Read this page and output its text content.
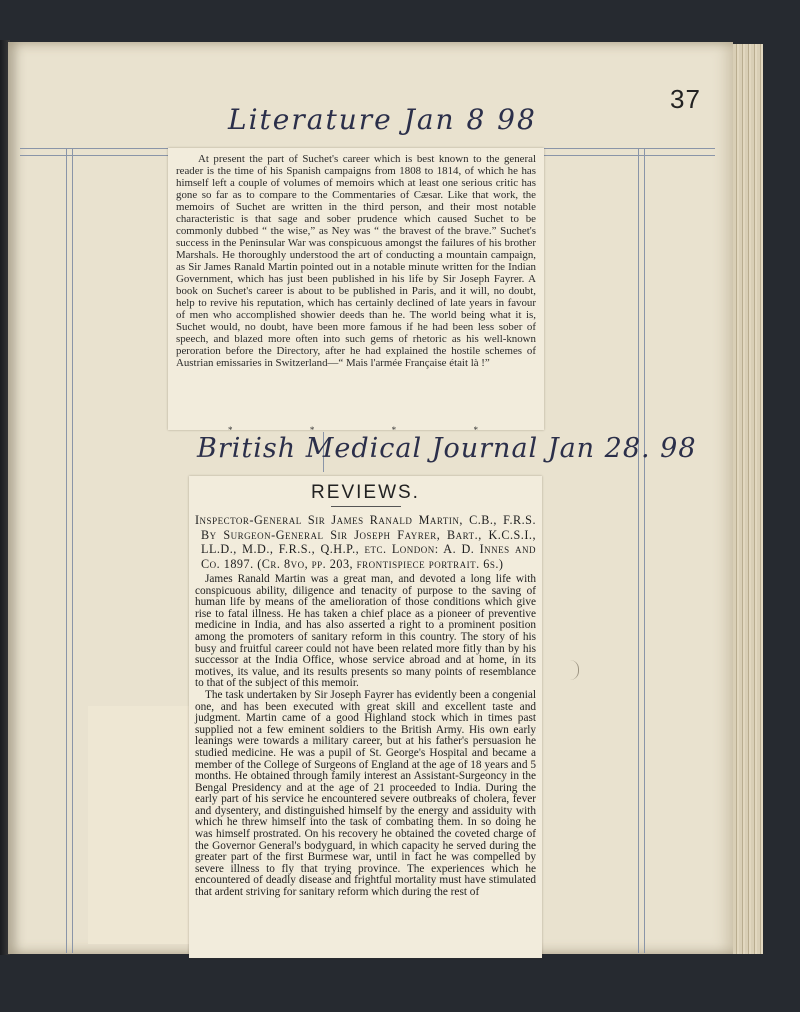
37
Literature Jan 8 98

At present the part of Suchet's career which is best known to the general reader is the time of his Spanish campaigns from 1808 to 1814, of which he has himself left a couple of volumes of memoirs which at least one serious critic has gone so far as to compare to the Commentaries of Cæsar. Like that work, the memoirs of Suchet are written in the third person, and their most notable characteristic is that sage and sober prudence which caused Suchet to be commonly dubbed “ the wise,” as Ney was “ the bravest of the brave.” Suchet's success in the Peninsular War was conspicuous amongst the failures of his brother Marshals. He thoroughly understood the art of conducting a mountain campaign, as Sir James Ranald Martin pointed out in a notable minute written for the Indian Government, which has just been published in his life by Sir Joseph Fayrer. A book on Suchet's career is about to be published in Paris, and it will, no doubt, help to revive his reputation, which has certainly declined of late years in favour of men who accomplished showier deeds than he. The world being what it is, Suchet would, no doubt, have been more famous if he had been less sober of speech, and blazed more often into such gems of rhetoric as his well-known peroration before the Directory, after he had explained the hostile schemes of Austrian emissaries in Switzerland—“ Mais l'armée Française était là !”

*	*	*	*
British Medical Journal Jan 28. 98
REVIEWS.

Inspector-General Sir James Ranald Martin, C.B., F.R.S. By Surgeon-General Sir Joseph Fayrer, Bart., K.C.S.I., LL.D., M.D., F.R.S., Q.H.P., etc. London: A. D. Innes and Co. 1897. (Cr. 8vo, pp. 203, frontispiece portrait. 6s.)

James Ranald Martin was a great man, and devoted a long life with conspicuous ability, diligence and tenacity of purpose to the saving of human life by means of the amelioration of those conditions which give rise to fatal illness. He has taken a chief place as a pioneer of preventive medicine in India, and has also asserted a right to a prominent position among the promoters of sanitary reform in this country. The story of his busy and fruitful career could not have been related more fitly than by his successor at the India Office, whose service abroad and at home, in its motives, its value, and its results presents so many points of resemblance to that of the subject of this memoir.

The task undertaken by Sir Joseph Fayrer has evidently been a congenial one, and has been executed with great skill and excellent taste and judgment. Martin came of a good Highland stock which in times past supplied not a few eminent soldiers to the British Army. His own early leanings were towards a military career, but at his father's persuasion he studied medicine. He was a pupil of St. George's Hospital and became a member of the College of Surgeons of England at the age of 18 years and 5 months. He obtained through family interest an Assistant-Surgeoncy in the Bengal Presidency and at the age of 21 proceeded to India. During the early part of his service he encountered severe outbreaks of cholera, fever and dysentery, and distinguished himself by the energy and assiduity with which he threw himself into the task of combating them. In so doing he was himself prostrated. On his recovery he obtained the coveted charge of the Governor General's bodyguard, in which capacity he served during the greater part of the first Burmese war, until in fact he was compelled by severe illness to fly that trying province. The experiences which he encountered of deadly disease and frightful mortality must have stimulated that ardent striving for sanitary reform which during the rest of
